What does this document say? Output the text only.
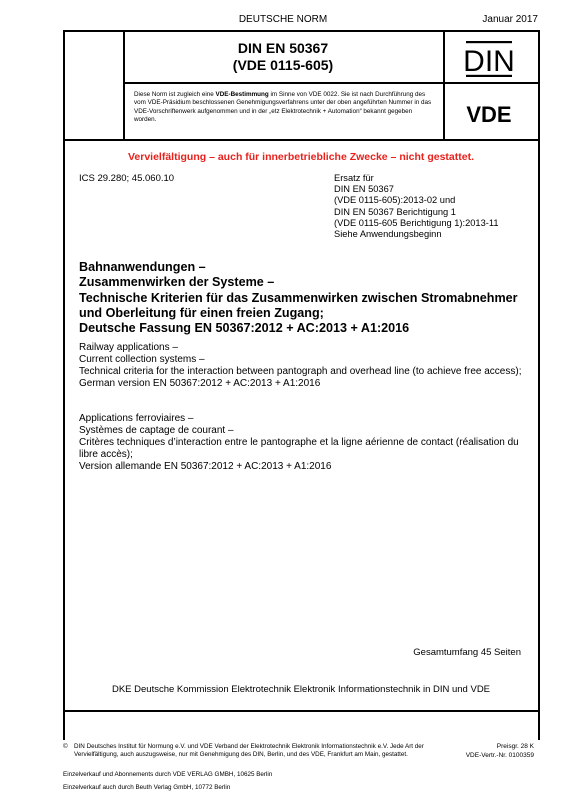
DEUTSCHE NORM	Januar 2017
DIN EN 50367
(VDE 0115-605)	DIN
VDE
Diese Norm ist zugleich eine VDE-Bestimmung im Sinne von VDE 0022. Sie ist nach Durchführung des vom VDE-Präsidium beschlossenen Genehmigungsverfahrens unter der oben angeführten Nummer in das VDE-Vorschriftenwerk aufgenommen und in der „etz Elektrotechnik + Automation“ bekannt gegeben worden.
Vervielfältigung – auch für innerbetriebliche Zwecke – nicht gestattet.
ICS 29.280; 45.060.10	Ersatz für
DIN EN 50367
(VDE 0115-605):2013-02 und
DIN EN 50367 Berichtigung 1
(VDE 0115-605 Berichtigung 1):2013-11
Siehe Anwendungsbeginn
Bahnanwendungen –
Zusammenwirken der Systeme –
Technische Kriterien für das Zusammenwirken zwischen Stromabnehmer
und Oberleitung für einen freien Zugang;
Deutsche Fassung EN 50367:2012 + AC:2013 + A1:2016
Railway applications –
Current collection systems –
Technical criteria for the interaction between pantograph and overhead line (to achieve free access);
German version EN 50367:2012 + AC:2013 + A1:2016
Applications ferroviaires –
Systèmes de captage de courant –
Critères techniques d’interaction entre le pantographe et la ligne aérienne de contact (réalisation du libre accès);
Version allemande EN 50367:2012 + AC:2013 + A1:2016
Gesamtumfang 45 Seiten
DKE Deutsche Kommission Elektrotechnik Elektronik Informationstechnik in DIN und VDE
© DIN Deutsches Institut für Normung e.V. und VDE Verband der Elektrotechnik Elektronik Informationstechnik e.V. Jede Art der Vervielfältigung, auch auszugsweise, nur mit Genehmigung des DIN, Berlin, und des VDE, Frankfurt am Main, gestattet.
Preisgr. 28 K
VDE-Vertr.-Nr. 0100359
Einzelverkauf und Abonnements durch VDE VERLAG GMBH, 10625 Berlin
Einzelverkauf auch durch Beuth Verlag GmbH, 10772 Berlin
